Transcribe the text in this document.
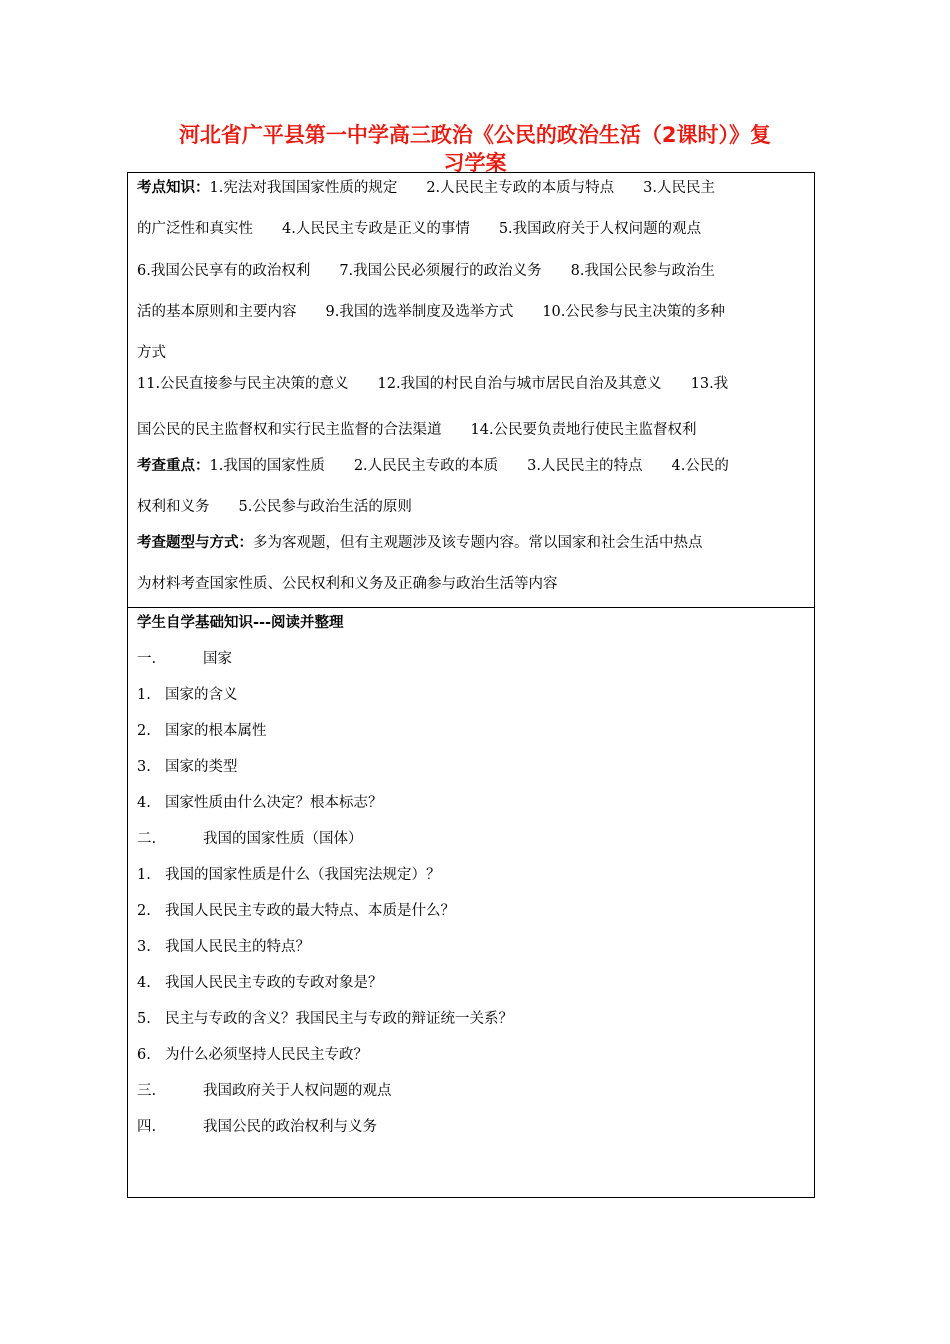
河北省广平县第一中学高三政治《公民的政治生活（2课时）》复
习学案
考点知识：1.宪法对我国国家性质的规定　　2.人民民主专政的本质与特点　　3.人民民主
的广泛性和真实性　　4.人民民主专政是正义的事情　　5.我国政府关于人权问题的观点
6.我国公民享有的政治权利　　7.我国公民必须履行的政治义务　　8.我国公民参与政治生
活的基本原则和主要内容　　9.我国的选举制度及选举方式　　10.公民参与民主决策的多种
方式
11.公民直接参与民主决策的意义　　12.我国的村民自治与城市居民自治及其意义　　13.我
国公民的民主监督权和实行民主监督的合法渠道　　14.公民要负责地行使民主监督权利
考查重点：1.我国的国家性质　　2.人民民主专政的本质　　3.人民民主的特点　　4.公民的
权利和义务　　5.公民参与政治生活的原则
考查题型与方式：多为客观题，但有主观题涉及该专题内容。常以国家和社会生活中热点
为材料考查国家性质、公民权利和义务及正确参与政治生活等内容
学生自学基础知识---阅读并整理
一.	国家
1. 国家的含义
2. 国家的根本属性
3. 国家的类型
4. 国家性质由什么决定？根本标志？
二.	我国的国家性质（国体）
1. 我国的国家性质是什么（我国宪法规定）？
2. 我国人民民主专政的最大特点、本质是什么？
3. 我国人民民主的特点？
4. 我国人民民主专政的专政对象是？
5. 民主与专政的含义？我国民主与专政的辩证统一关系？
6. 为什么必须坚持人民民主专政？
三.	我国政府关于人权问题的观点
四.	我国公民的政治权利与义务
